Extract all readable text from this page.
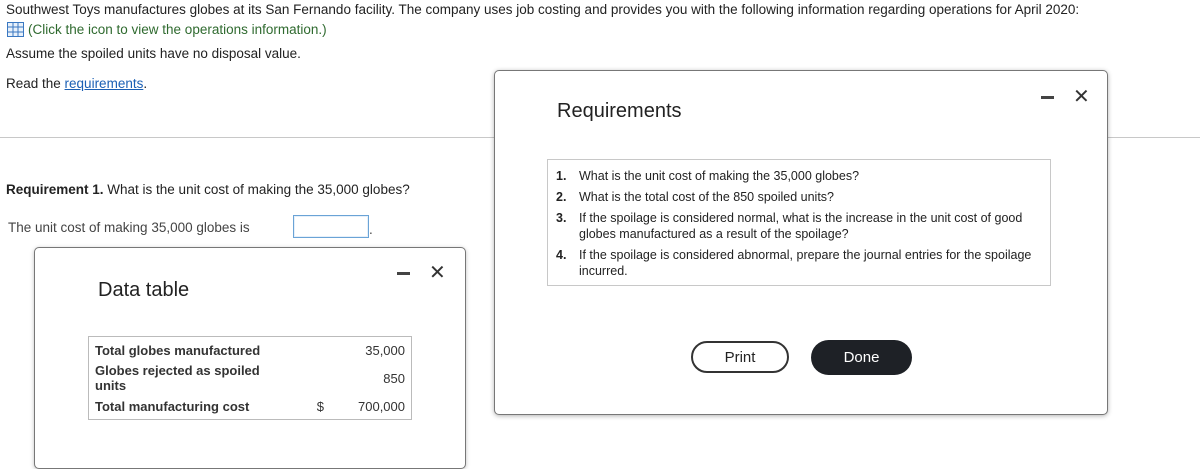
Southwest Toys manufactures globes at its San Fernando facility. The company uses job costing and provides you with the following information regarding operations for April 2020:
(Click the icon to view the operations information.)
Assume the spoiled units have no disposal value.
Read the requirements.
Requirement 1. What is the unit cost of making the 35,000 globes?
The unit cost of making 35,000 globes is	.
Data table
✕
Total globes manufactured		35,000
Globes rejected as spoiled units		850
Total manufacturing cost	$	700,000
Requirements
✕
1.	What is the unit cost of making the 35,000 globes?
2.	What is the total cost of the 850 spoiled units?
3.	If the spoilage is considered normal, what is the increase in the unit cost of good globes manufactured as a result of the spoilage?
4.	If the spoilage is considered abnormal, prepare the journal entries for the spoilage incurred.
Print	Done
